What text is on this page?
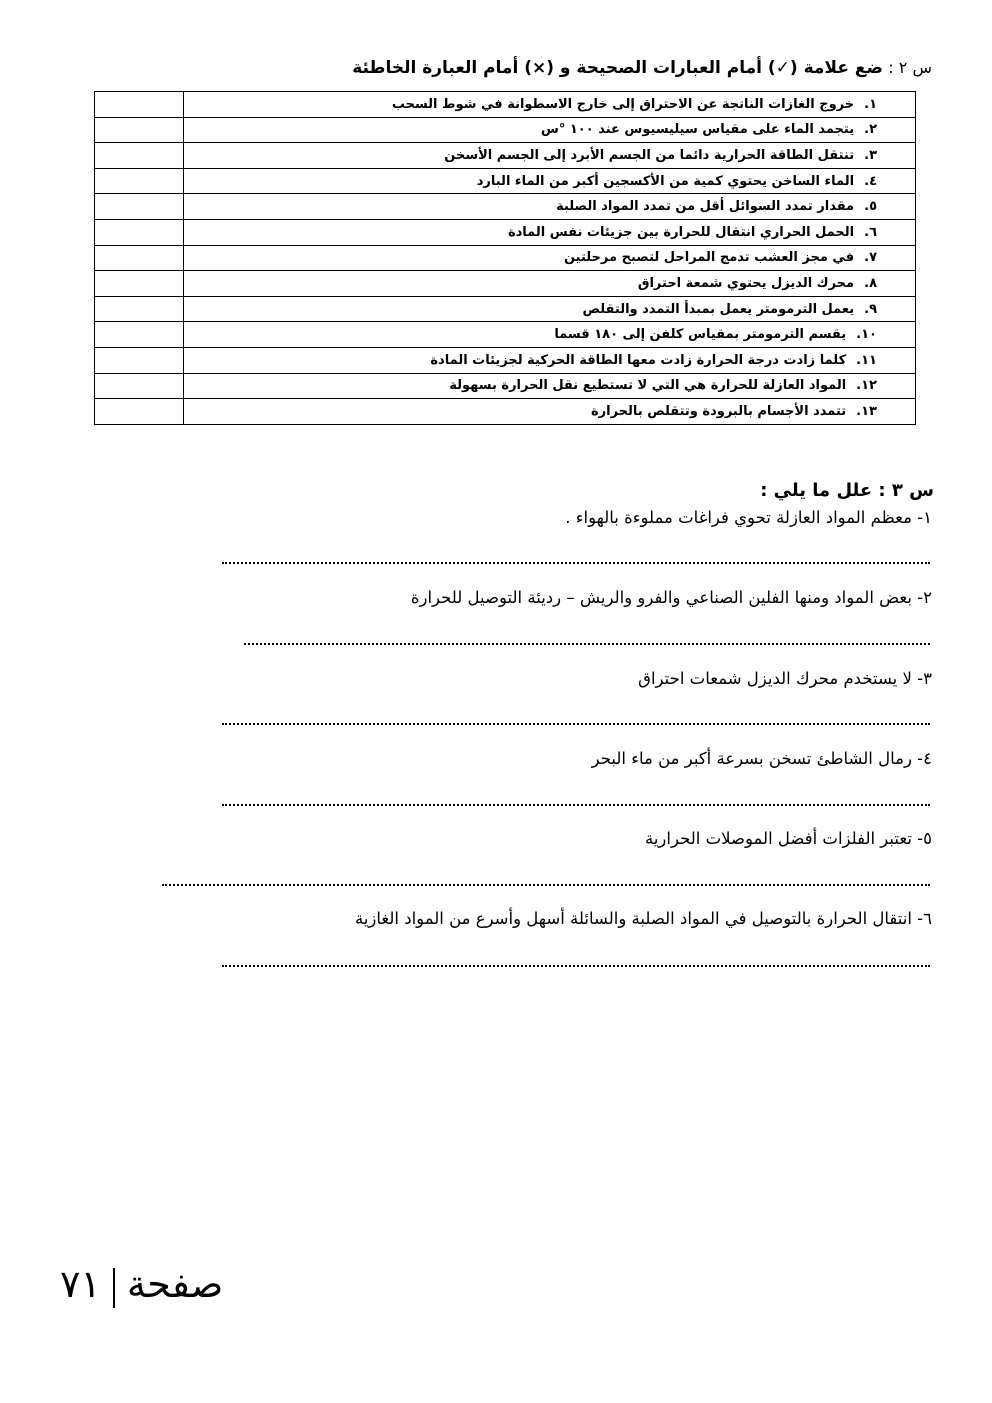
س ٢ : ضع علامة (✓) أمام العبارات الصحيحة و (×) أمام العبارة الخاطئة
١.خروج الغازات الناتجة عن الاحتراق إلى خارج الاسطوانة في شوط السحب	
٢.يتجمد الماء على مقياس سيليسيوس عند ١٠٠ °س	
٣.تنتقل الطاقة الحرارية دائما من الجسم الأبرد إلى الجسم الأسخن	
٤.الماء الساخن يحتوي كمية من الأكسجين أكبر من الماء البارد	
٥.مقدار تمدد السوائل أقل من تمدد المواد الصلبة	
٦.الحمل الحراري انتقال للحرارة بين جزيئات نفس المادة	
٧.في مجز العشب تدمج المراحل لتصبح مرحلتين	
٨.محرك الديزل يحتوي شمعة احتراق	
٩.يعمل الترمومتر يعمل بمبدأ التمدد والتقلص	
١٠.يقسم الترمومتر بمقياس كلفن إلى ١٨٠ قسما	
١١.كلما زادت درجة الحرارة زادت معها الطاقة الحركية لجزيئات المادة	
١٢.المواد العازلة للحرارة هي التي لا تستطيع نقل الحرارة بسهولة	
١٣.تتمدد الأجسام بالبرودة وتتقلص بالحرارة	
س ٣ : علل ما يلي :
١- معظم المواد العازلة تحوي فراغات مملوءة بالهواء .
٢- بعض المواد ومنها الفلين الصناعي والفرو والريش – رديئة التوصيل للحرارة
٣- لا يستخدم محرك الديزل شمعات احتراق
٤- رمال الشاطئ تسخن بسرعة أكبر من ماء البحر
٥- تعتبر الفلزات أفضل الموصلات الحرارية
٦- انتقال الحرارة بالتوصيل في المواد الصلبة والسائلة أسهل وأسرع من المواد الغازية
صفحة٧١
